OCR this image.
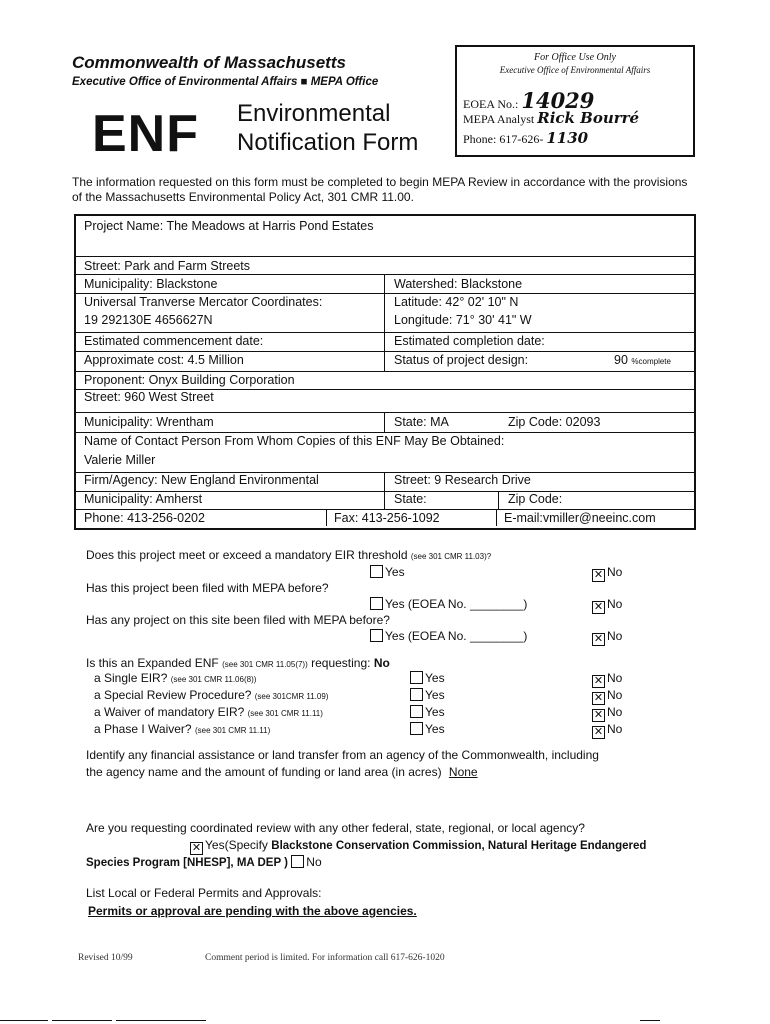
Commonwealth of Massachusetts
Executive Office of Environmental Affairs ■ MEPA Office
ENF Environmental
Notification Form
For Office Use Only
Executive Office of Environmental Affairs
EOEA No.: 14029
MEPA Analyst Rick Bourré
Phone: 617-626- 1130
The information requested on this form must be completed to begin MEPA Review in accordance with the provisions of the Massachusetts Environmental Policy Act, 301 CMR 11.00.
Project Name: The Meadows at Harris Pond Estates
Street: Park and Farm Streets
Municipality: Blackstone	Watershed: Blackstone
Universal Tranverse Mercator Coordinates:	Latitude: 42° 02' 10" N
19 292130E 4656627N	Longitude: 71° 30' 41" W
Estimated commencement date:	Estimated completion date:
Approximate cost: 4.5 Million	Status of project design:	90 %complete
Proponent: Onyx Building Corporation
Street: 960 West Street
Municipality: Wrentham	State: MA	Zip Code: 02093
Name of Contact Person From Whom Copies of this ENF May Be Obtained:
Valerie Miller
Firm/Agency: New England Environmental	Street: 9 Research Drive
Municipality: Amherst	State:	Zip Code:
Phone: 413-256-0202	Fax: 413-256-1092	E-mail:vmiller@neeinc.com
Does this project meet or exceed a mandatory EIR threshold (see 301 CMR 11.03)?
Yes	✕ No
Has this project been filed with MEPA before?
Yes (EOEA No. ________)	✕ No
Has any project on this site been filed with MEPA before?
Yes (EOEA No. ________)	✕ No
Is this an Expanded ENF (see 301 CMR 11.05(7)) requesting: No
a Single EIR? (see 301 CMR 11.06(8))	Yes	✕ No
a Special Review Procedure? (see 301CMR 11.09)	Yes	✕ No
a Waiver of mandatory EIR? (see 301 CMR 11.11)	Yes	✕ No
a Phase I Waiver? (see 301 CMR 11.11)	Yes	✕ No
Identify any financial assistance or land transfer from an agency of the Commonwealth, including
the agency name and the amount of funding or land area (in acres) None
Are you requesting coordinated review with any other federal, state, regional, or local agency?
✕ Yes(Specify Blackstone Conservation Commission, Natural Heritage Endangered
Species Program [NHESP], MA DEP ) No
List Local or Federal Permits and Approvals:
Permits or approval are pending with the above agencies.
Revised 10/99	Comment period is limited. For information call 617-626-1020
